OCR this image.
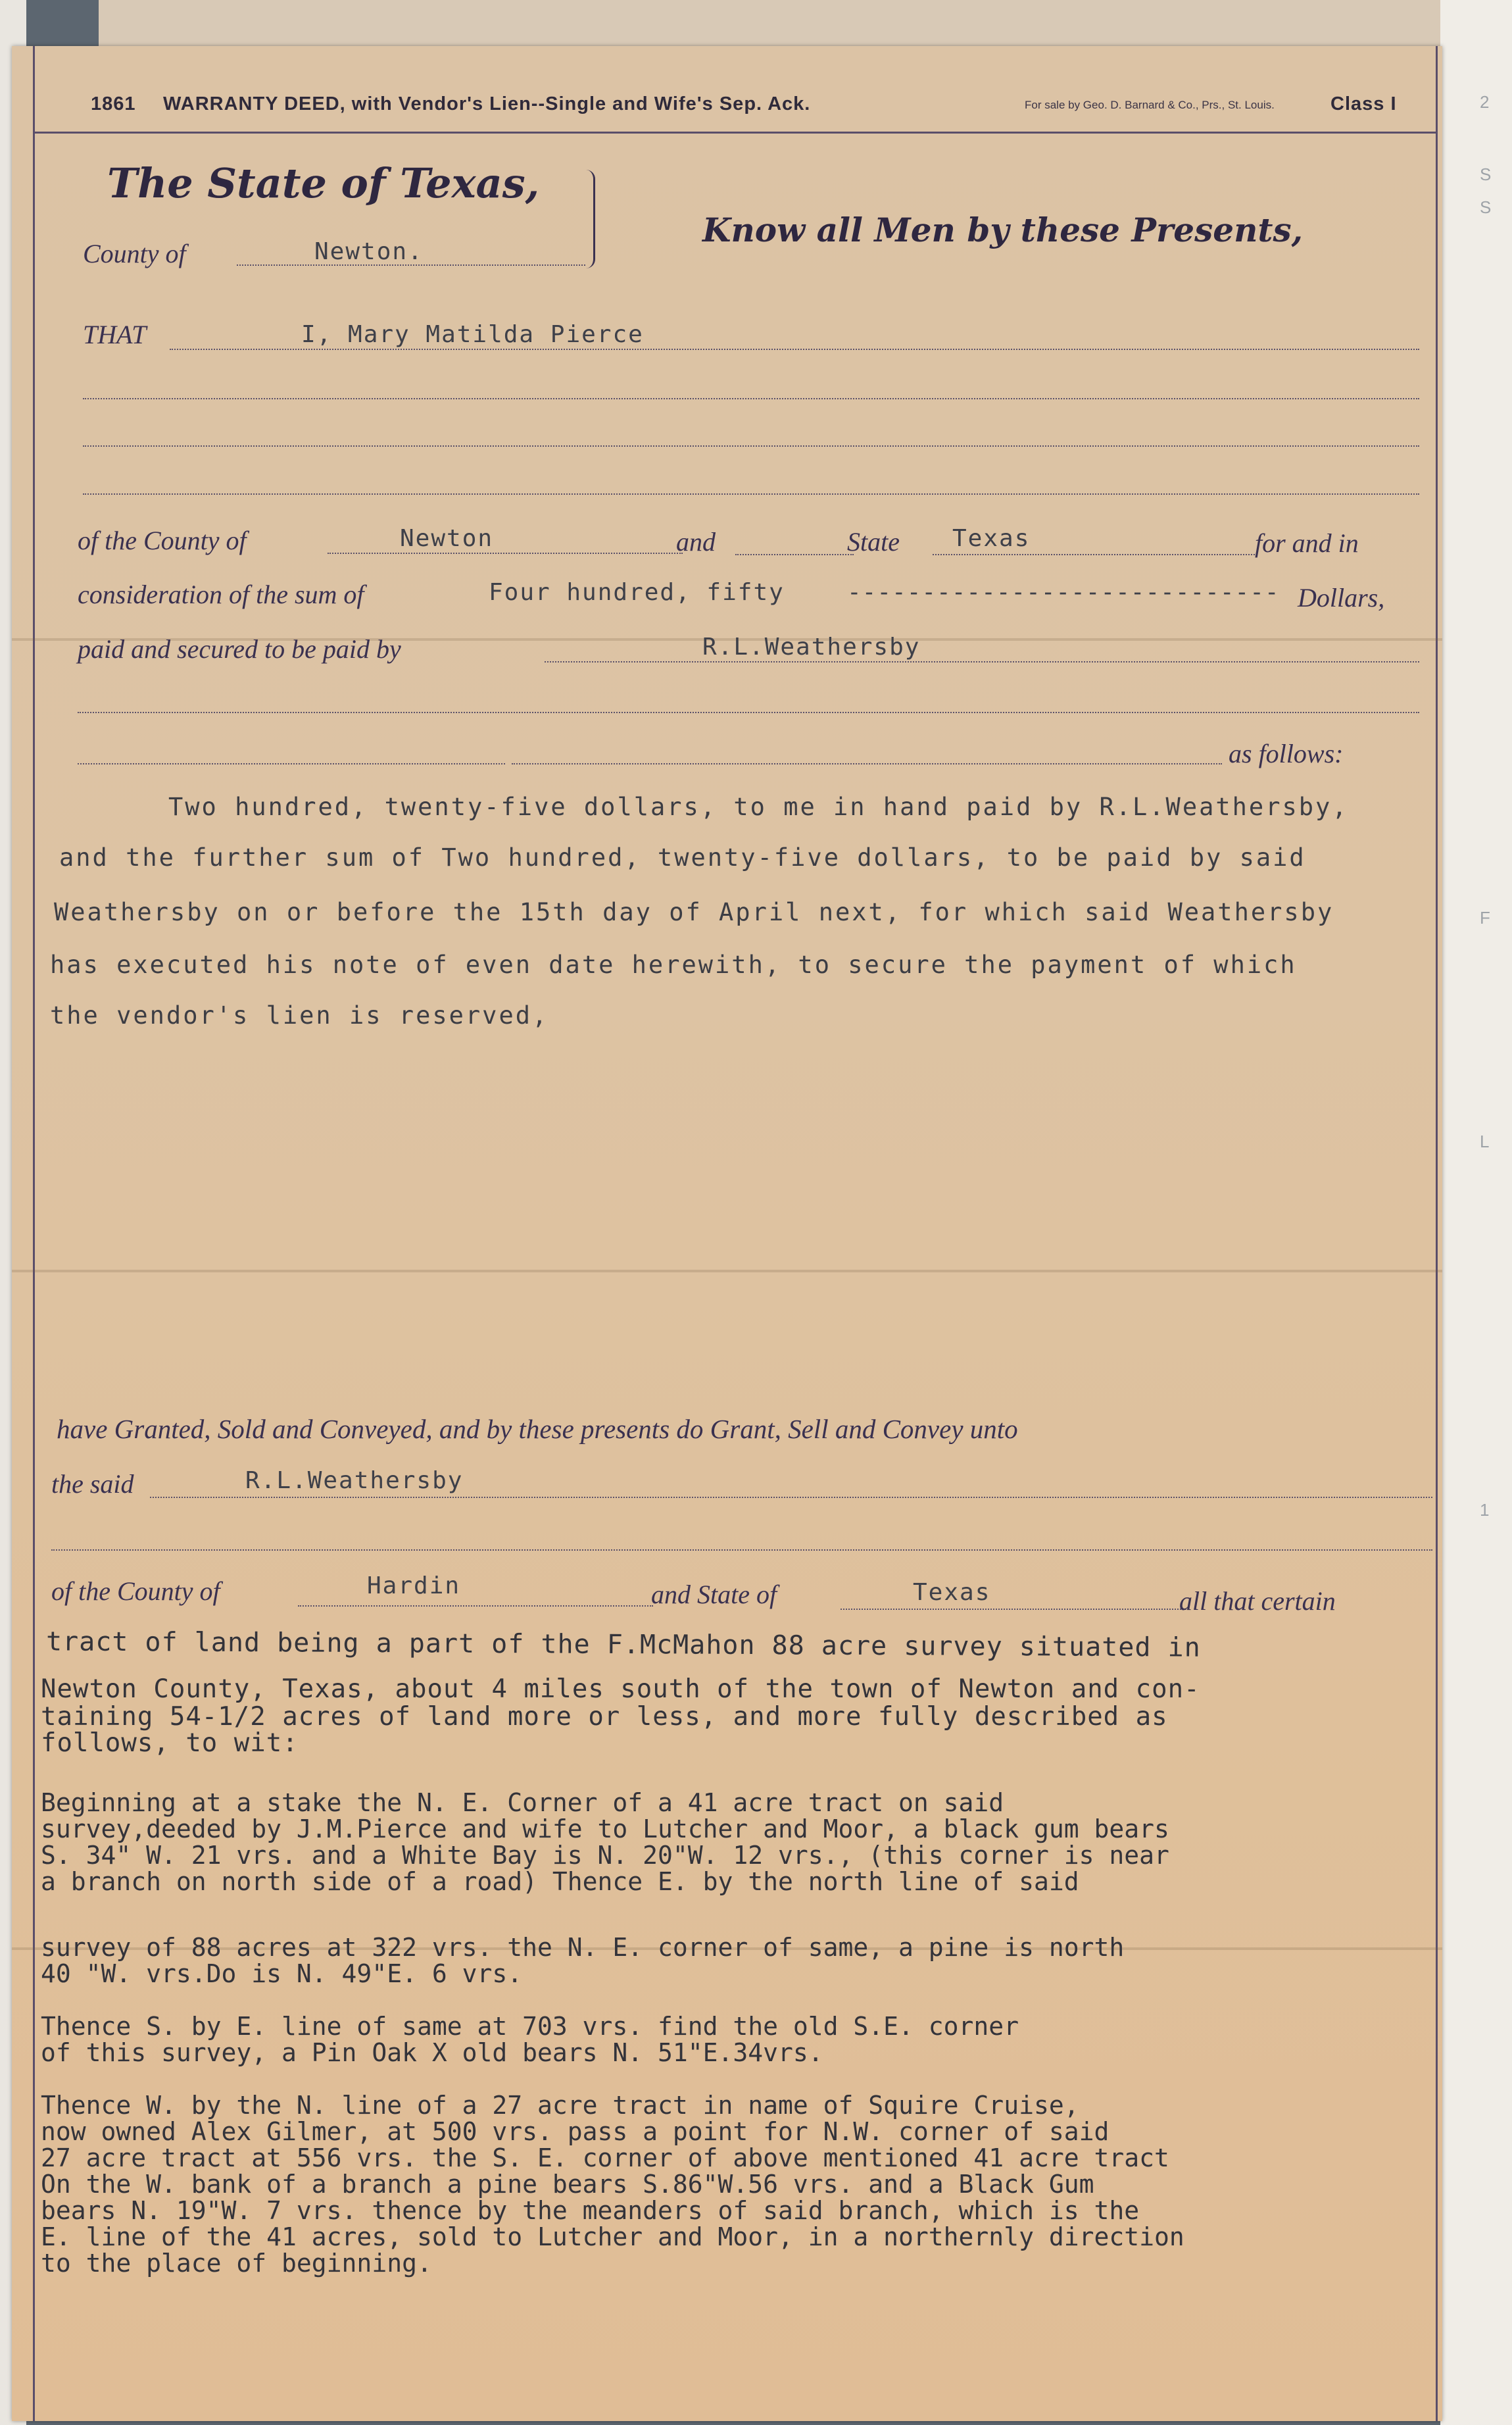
2
S
S
F
L
1
1861 WARRANTY DEED, with Vendor's Lien--Single and Wife's Sep. Ack.	For sale by Geo. D. Barnard & Co., Prs., St. Louis.	Class I
The State of Texas,
County of	Newton.
Know all Men by these Presents,
THAT	I, Mary Matilda Pierce
of the County of	Newton	and	State Texas	for and in
consideration of the sum of	Four hundred, fifty	----------------------------- Dollars,
paid and secured to be paid by	R.L.Weathersby
as follows:
Two hundred, twenty-five dollars, to me in hand paid by R.L.Weathersby,
and the further sum of Two hundred, twenty-five dollars, to be paid by said
Weathersby on or before the 15th day of April next, for which said Weathersby
has executed his note of even date herewith, to secure the payment of which
the vendor's lien is reserved,
have Granted, Sold and Conveyed, and by these presents do Grant, Sell and Convey unto
the said	R.L.Weathersby
of the County of	Hardin	and State of	Texas	all that certain
tract of land being a part of the F.McMahon 88 acre survey situated in
Newton County, Texas, about 4 miles south of the town of Newton and con-
taining 54-1/2 acres of land more or less, and more fully described as
follows, to wit:
Beginning at a stake the N. E. Corner of a 41 acre tract on said
survey,deeded by J.M.Pierce and wife to Lutcher and Moor, a black gum bears
S. 34" W. 21 vrs. and a White Bay is N. 20"W. 12 vrs., (this corner is near
a branch on north side of a road) Thence E. by the north line of said
survey of 88 acres at 322 vrs. the N. E. corner of same, a pine is north
40 "W. vrs.Do is N. 49"E. 6 vrs.
Thence S. by E. line of same at 703 vrs. find the old S.E. corner
of this survey, a Pin Oak X old bears N. 51"E.34vrs.
Thence W. by the N. line of a 27 acre tract in name of Squire Cruise,
now owned Alex Gilmer, at 500 vrs. pass a point for N.W. corner of said
27 acre tract at 556 vrs. the S. E. corner of above mentioned 41 acre tract
On the W. bank of a branch a pine bears S.86"W.56 vrs. and a Black Gum
bears N. 19"W. 7 vrs. thence by the meanders of said branch, which is the
E. line of the 41 acres, sold to Lutcher and Moor, in a northernly direction
to the place of beginning.
